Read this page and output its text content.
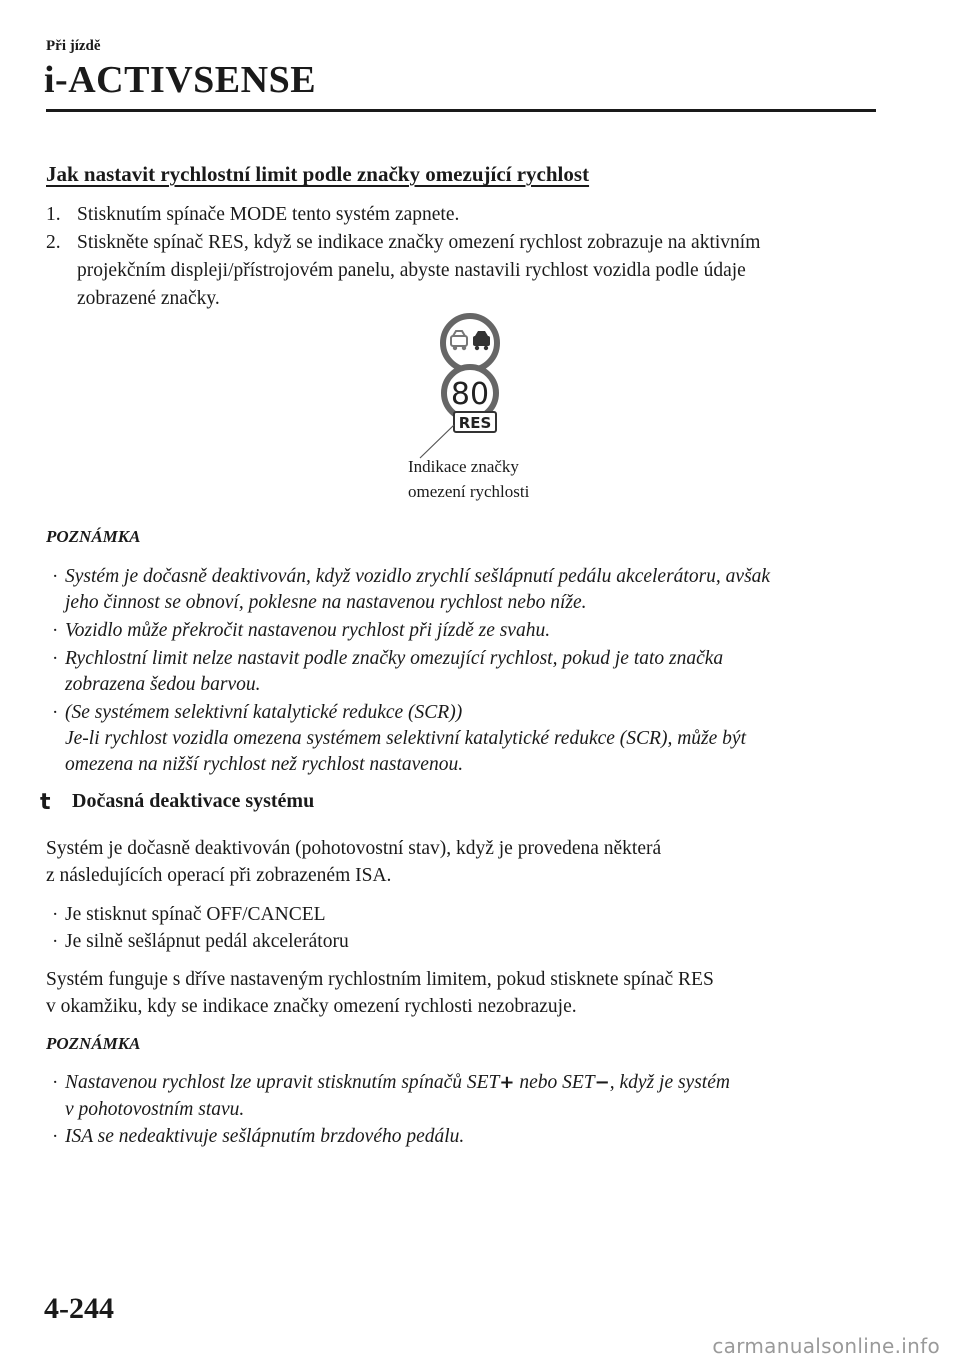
Při jízdě
i-ACTIVSENSE
Jak nastavit rychlostní limit podle značky omezující rychlost
1. Stisknutím spínače MODE tento systém zapnete.
2. Stiskněte spínač RES, když se indikace značky omezení rychlost zobrazuje na aktivním
projekčním displeji/přístrojovém panelu, abyste nastavili rychlost vozidla podle údaje
zobrazené značky.
80
RES
Indikace značky
omezení rychlosti
POZNÁMKA
· Systém je dočasně deaktivován, když vozidlo zrychlí sešlápnutí pedálu akcelerátoru, avšak
jeho činnost se obnoví, poklesne na nastavenou rychlost nebo níže.
· Vozidlo může překročit nastavenou rychlost při jízdě ze svahu.
· Rychlostní limit nelze nastavit podle značky omezující rychlost, pokud je tato značka
zobrazena šedou barvou.
· (Se systémem selektivní katalytické redukce (SCR))
Je-li rychlost vozidla omezena systémem selektivní katalytické redukce (SCR), může být
omezena na nižší rychlost než rychlost nastavenou.
t Dočasná deaktivace systému
Systém je dočasně deaktivován (pohotovostní stav), když je provedena některá
z následujících operací při zobrazeném ISA.
· Je stisknut spínač OFF/CANCEL
· Je silně sešlápnut pedál akcelerátoru
Systém funguje s dříve nastaveným rychlostním limitem, pokud stisknete spínač RES
v okamžiku, kdy se indikace značky omezení rychlosti nezobrazuje.
POZNÁMKA
· Nastavenou rychlost lze upravit stisknutím spínačů SET+ nebo SET−, když je systém
v pohotovostním stavu.
· ISA se nedeaktivuje sešlápnutím brzdového pedálu.
4-244
carmanualsonline.info
